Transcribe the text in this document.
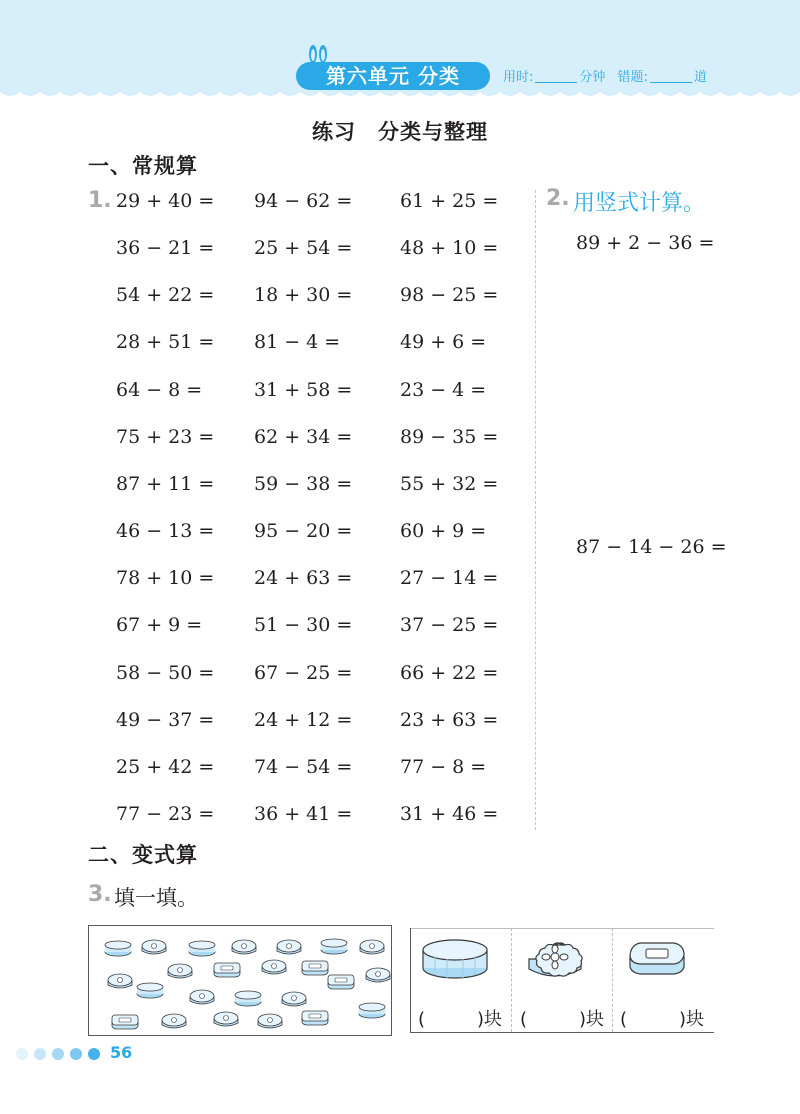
第六单元 分类	用时:	分钟 错题:	道
练习 分类与整理
一、常规算
1. 29 + 40 = 94 − 62 =	61 + 25 =
36 − 21 = 25 + 54 =	48 + 10 =
54 + 22 = 18 + 30 =	98 − 25 =
28 + 51 = 81 − 4 =	49 + 6 =
64 − 8 =	31 + 58 =	23 − 4 =
75 + 23 = 62 + 34 =	89 − 35 =
87 + 11 = 59 − 38 =	55 + 32 =
46 − 13 = 95 − 20 =	60 + 9 =
78 + 10 = 24 + 63 =	27 − 14 =
67 + 9 =	51 − 30 =	37 − 25 =
58 − 50 = 67 − 25 =	66 + 22 =
49 − 37 = 24 + 12 =	23 + 63 =
25 + 42 = 74 − 54 =	77 − 8 =
77 − 23 = 36 + 41 =	31 + 46 =
2. 用竖式计算。
89 + 2 − 36 =
87 − 14 − 26 =
二、变式算
3. 填一填。
(	)块 (	)块 (	)块
56
